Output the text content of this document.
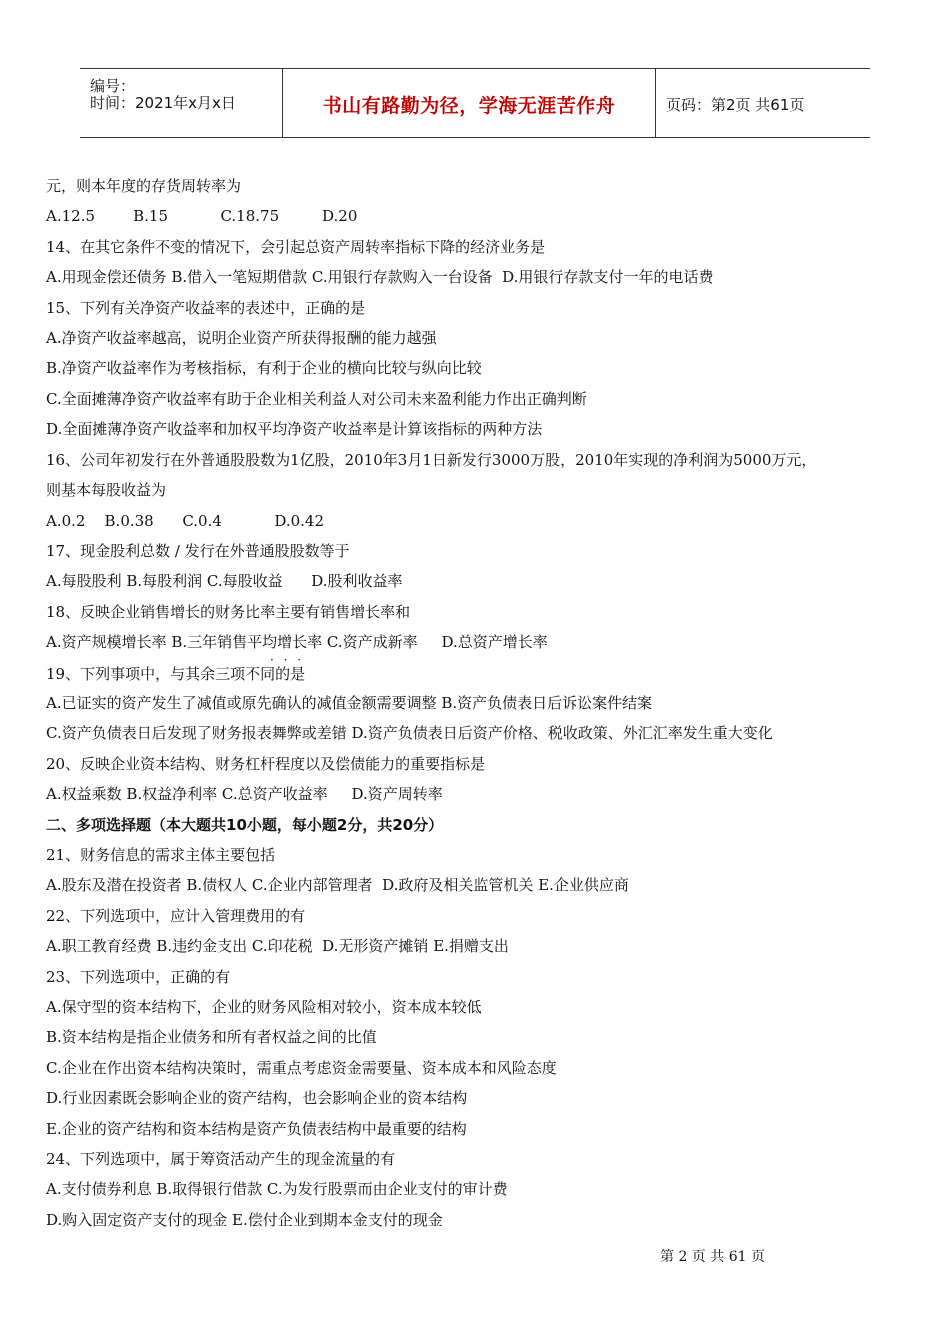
编号：
时间：2021年x月x日	书山有路勤为径，学海无涯苦作舟	页码：第2页 共61页
元，则本年度的存货周转率为
A.12.5        B.15           C.18.75         D.20
14、在其它条件不变的情况下，会引起总资产周转率指标下降的经济业务是
A.用现金偿还债务 B.借入一笔短期借款 C.用银行存款购入一台设备  D.用银行存款支付一年的电话费
15、下列有关净资产收益率的表述中，正确的是
A.净资产收益率越高，说明企业资产所获得报酬的能力越强
B.净资产收益率作为考核指标，有利于企业的横向比较与纵向比较
C.全面摊薄净资产收益率有助于企业相关利益人对公司未来盈利能力作出正确判断
D.全面摊薄净资产收益率和加权平均净资产收益率是计算该指标的两种方法
16、公司年初发行在外普通股股数为1亿股，2010年3月1日新发行3000万股，2010年实现的净利润为5000万元，
则基本每股收益为
A.0.2    B.0.38      C.0.4           D.0.42
17、现金股利总数 / 发行在外普通股股数等于
A.每股股利 B.每股利润 C.每股收益      D.股利收益率
18、反映企业销售增长的财务比率主要有销售增长率和
A.资产规模增长率 B.三年销售平均增长率 C.资产成新率     D.总资产增长率
· · ·
19、下列事项中，与其余三项不同的是
A.已证实的资产发生了减值或原先确认的减值金额需要调整 B.资产负债表日后诉讼案件结案
C.资产负债表日后发现了财务报表舞弊或差错 D.资产负债表日后资产价格、税收政策、外汇汇率发生重大变化
20、反映企业资本结构、财务杠杆程度以及偿债能力的重要指标是
A.权益乘数 B.权益净利率 C.总资产收益率     D.资产周转率
二、多项选择题（本大题共10小题，每小题2分，共20分）
21、财务信息的需求主体主要包括
A.股东及潜在投资者 B.债权人 C.企业内部管理者  D.政府及相关监管机关 E.企业供应商
22、下列选项中，应计入管理费用的有
A.职工教育经费 B.违约金支出 C.印花税  D.无形资产摊销 E.捐赠支出
23、下列选项中，正确的有
A.保守型的资本结构下，企业的财务风险相对较小，资本成本较低
B.资本结构是指企业债务和所有者权益之间的比值
C.企业在作出资本结构决策时，需重点考虑资金需要量、资本成本和风险态度
D.行业因素既会影响企业的资产结构，也会影响企业的资本结构
E.企业的资产结构和资本结构是资产负债表结构中最重要的结构
24、下列选项中，属于筹资活动产生的现金流量的有
A.支付债券利息 B.取得银行借款 C.为发行股票而由企业支付的审计费
D.购入固定资产支付的现金 E.偿付企业到期本金支付的现金
第 2 页 共 61 页
